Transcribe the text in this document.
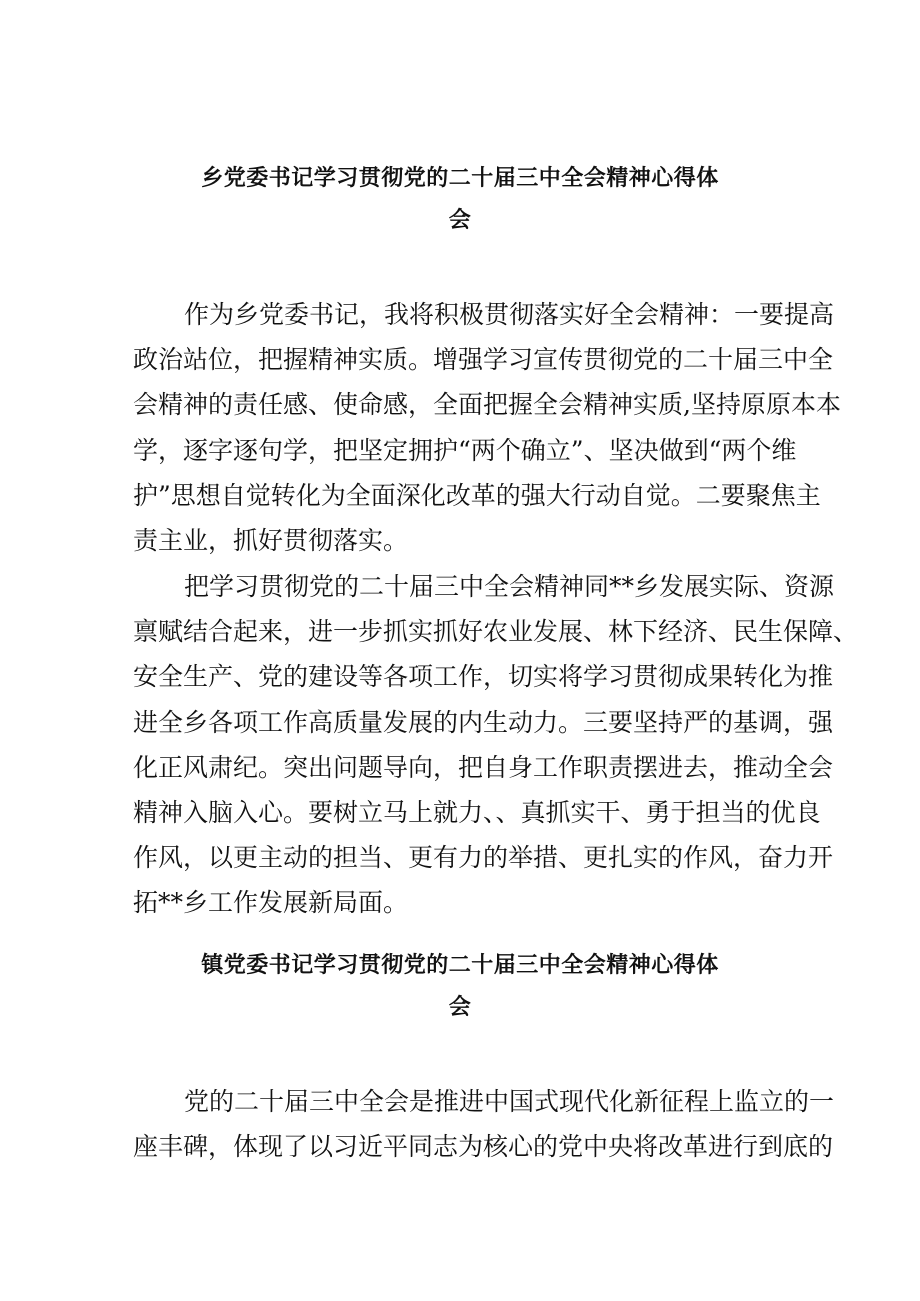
乡党委书记学习贯彻党的二十届三中全会精神心得体
会
作为乡党委书记，我将积极贯彻落实好全会精神：一要提高
政治站位，把握精神实质。增强学习宣传贯彻党的二十届三中全
会精神的责任感、使命感，全面把握全会精神实质,坚持原原本本
学，逐字逐句学，把坚定拥护“两个确立”、坚决做到“两个维
护”思想自觉转化为全面深化改革的强大行动自觉。二要聚焦主
责主业，抓好贯彻落实。
把学习贯彻党的二十届三中全会精神同**乡发展实际、资源
禀赋结合起来，进一步抓实抓好农业发展、林下经济、民生保障、
安全生产、党的建设等各项工作，切实将学习贯彻成果转化为推
进全乡各项工作高质量发展的内生动力。三要坚持严的基调，强
化正风肃纪。突出问题导向，把自身工作职责摆进去，推动全会
精神入脑入心。要树立马上就力、、真抓实干、勇于担当的优良
作风，以更主动的担当、更有力的举措、更扎实的作风，奋力开
拓**乡工作发展新局面。
镇党委书记学习贯彻党的二十届三中全会精神心得体
会
党的二十届三中全会是推进中国式现代化新征程上监立的一
座丰碑，体现了以习近平同志为核心的党中央将改革进行到底的
